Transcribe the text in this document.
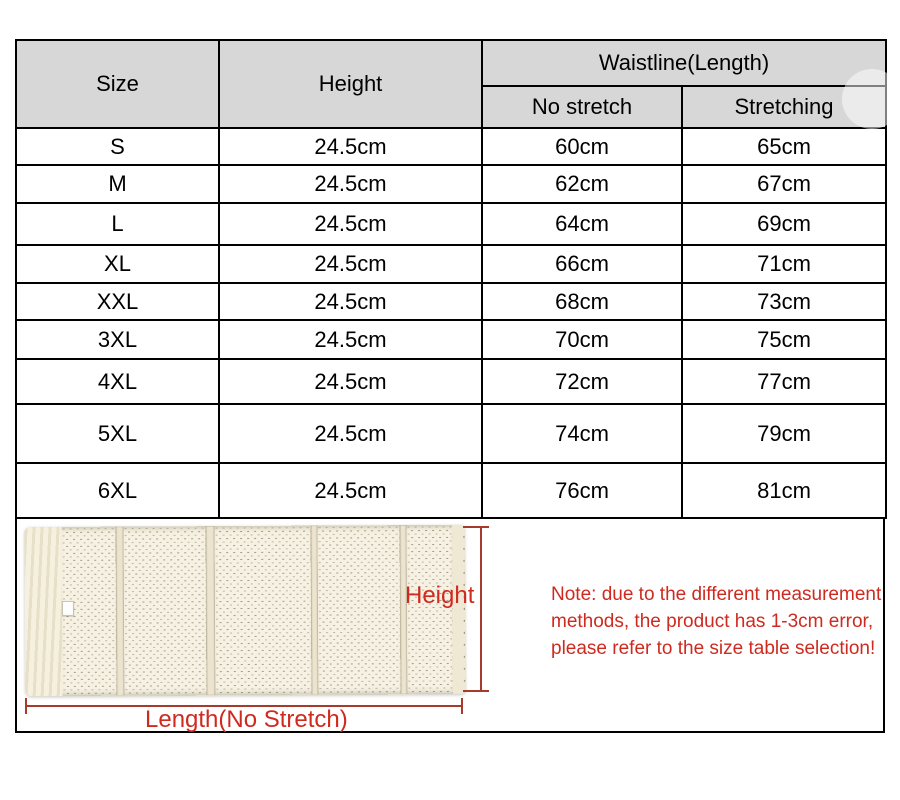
Size	Height	Waistline(Length)	
		No stretch	Stretching
S	24.5cm	60cm	65cm
M	24.5cm	62cm	67cm
L	24.5cm	64cm	69cm
XL	24.5cm	66cm	71cm
XXL	24.5cm	68cm	73cm
3XL	24.5cm	70cm	75cm
4XL	24.5cm	72cm	77cm
5XL	24.5cm	74cm	79cm
6XL	24.5cm	76cm	81cm
Height
Length(No Stretch)
Note: due to the different measurement
methods, the product has 1-3cm error,
please refer to the size table selection!
